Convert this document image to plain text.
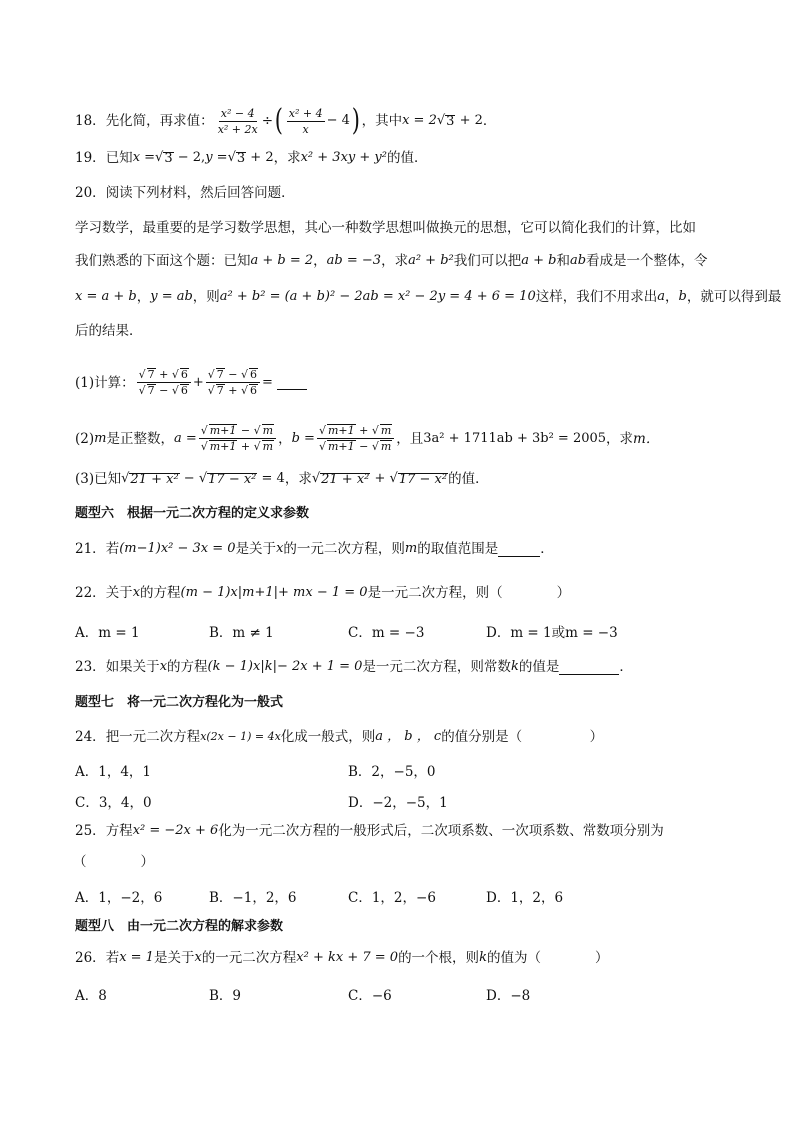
18． 先化简，再求值： $\frac{\text{x² − 4}}{\text{x² + 2x}}$ ÷ ( $\frac{\text{x² + 4}}{x} - 4$ ) ，其中 x = 2 √ 3
+ 2 ．
19． 已知 x = √ 3
− 2, y = √ 3
+ 2 ，求 x² + 3xy + y² 的值．
20． 阅读下列材料，然后回答问题．
学习数学，最重要的是学习数学思想，其心一种数学思想叫做换元的思想，它可以简化我们的计算，比如
我们熟悉的下面这个题：已知 a + b = 2 ， ab = −3 ，求 a² + b² 我们可以把 a + b 和 ab 看成是一个整体，令
x = a + b ， y = ab ，则 a² + b² = (a + b)² − 2ab = x² − 2y = 4 + 6 = 10 这样，我们不用求出 a ， b ，就可以得到最
后的结果．
(1)计算： $\frac{√ 7 + √ 6}{√ 7 - √ 6} + \frac{√ 7 - √ 6}{√ 7 + √ 6}$ =
(2) m 是正整数， $a = \frac{√ m+1 - √ m}{√ m+1 + √ m}$ ， $b = \frac{√ m+1 + √ m}{√ m+1 - √ m}$ ，且 3a² + 1711ab + 3b² = 2005 ，求 m．
(3)已知 √ 21 + x² − √ 17 − x²
= 4 ，求 √ 21 + x² + √ 17 − x² 的值．
题型六　根据一元二次方程的定义求参数
21． 若 (m−1)x² − 3x = 0 是关于 x 的一元二次方程，则 m 的取值范围是	．
22． 关于 x 的方程 (m − 1)x |m+1| + mx − 1 = 0 是一元二次方程，则（　　　　）
A．m = 1	B．m ≠ 1	C．m = −3	D．m = 1或m = −3
23． 如果关于 x 的方程 (k − 1)x |k| − 2x + 1 = 0 是一元二次方程，则常数 k 的值是	．
题型七　将一元二次方程化为一般式
24． 把一元二次方程 x(2x − 1) = 4x 化成一般式，则 a ， b ， c 的值分别是（　　　　　）
A．1，4，1	B．2，−5，0
C．3，4，0	D．−2，−5，1
25． 方程 x² = −2x + 6 化为一元二次方程的一般形式后，二次项系数、一次项系数、常数项分别为
（　　　　）
A．1，−2，6	B．−1，2，6	C．1，2，−6	D．1，2，6
题型八　由一元二次方程的解求参数
26． 若 x = 1 是关于 x 的一元二次方程 x² + kx + 7 = 0 的一个根，则 k 的值为（　　　　）
A．8	B．9	C．−6	D．−8
